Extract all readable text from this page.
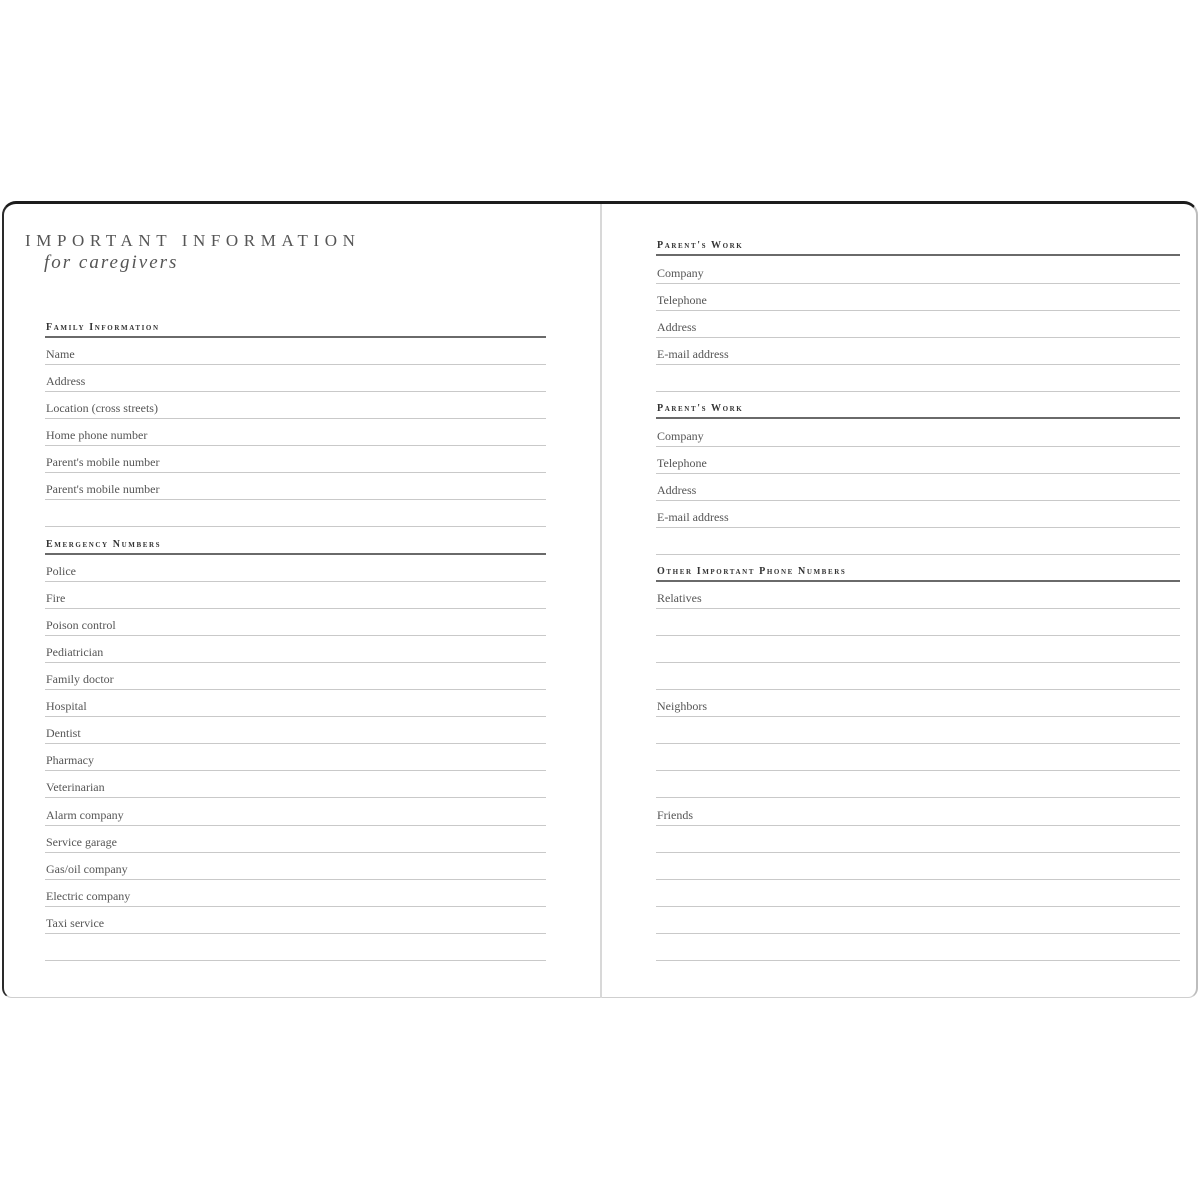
IMPORTANT INFORMATION
for caregivers
Family Information
Name
Address
Location (cross streets)
Home phone number
Parent's mobile number
Parent's mobile number
Emergency Numbers
Police
Fire
Poison control
Pediatrician
Family doctor
Hospital
Dentist
Pharmacy
Veterinarian
Alarm company
Service garage
Gas/oil company
Electric company
Taxi service
Parent's Work
Company
Telephone
Address
E-mail address
Parent's Work
Company
Telephone
Address
E-mail address
Other Important Phone Numbers
Relatives
Neighbors
Friends
